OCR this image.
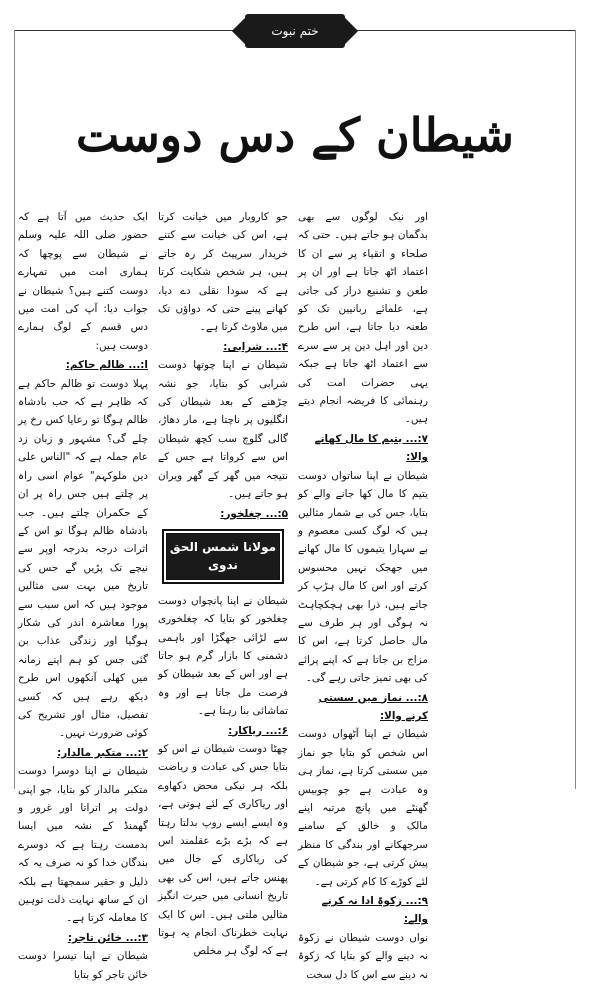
ختم نبوت
شیطان کے دس دوست

ایک حدیث میں آتا ہے کہ حضور صلی اللہ علیہ وسلم نے شیطان سے پوچھا کہ ہماری امت میں تمہارے دوست کتنے ہیں؟ شیطان نے جواب دیا: آپ کی امت میں دس قسم کے لوگ ہمارے دوست ہیں:

ا:... ظالم حاکم:

پہلا دوست تو ظالم حاکم ہے کہ ظاہر ہے کہ جب بادشاہ ظالم ہوگا تو رعایا کس رخ پر چلے گی؟ مشہور و زبان زد عام جملہ ہے کہ "الناس علی دین ملوکہم" عوام اسی راہ پر چلتے ہیں جس راہ پر ان کے حکمران چلتے ہیں۔ جب بادشاہ ظالم ہوگا تو اس کے اثرات درجہ بدرجہ اوپر سے نیچے تک پڑیں گے جس کی تاریخ میں بہت سی مثالیں موجود ہیں کہ اس سبب سے پورا معاشرہ اندر کی شکار ہوگیا اور زندگی عذاب بن گئی جس کو ہم اپنے زمانہ میں کھلی آنکھوں اس طرح دیکھ رہے ہیں کہ کسی تفصیل، مثال اور تشریح کی کوئی ضرورت نہیں۔

۲:... متکبر مالدار:

شیطان نے اپنا دوسرا دوست متکبر مالدار کو بتایا، جو اپنی دولت پر اتراتا اور غرور و گھمنڈ کے نشہ میں ایسا بدمست رہتا ہے کہ دوسرے بندگان خدا کو نہ صرف یہ کہ ذلیل و حقیر سمجھتا ہے بلکہ ان کے ساتھ نہایت ذلت توہین کا معاملہ کرتا ہے۔

۳:... خائن تاجر:

شیطان نے اپنا تیسرا دوست خائن تاجر کو بتایا

جو کاروبار میں خیانت کرتا ہے، اس کی خیانت سے کتنے خریدار سرپیٹ کر رہ جاتے ہیں، ہر شخص شکایت کرتا ہے کہ سودا نقلی دے دیا، کھانے پینے حتی کہ دواؤں تک میں ملاوٹ کرتا ہے۔

۴:... شرابی:

شیطان نے اپنا چوتھا دوست شرابی کو بتایا، جو نشہ چڑھنے کے بعد شیطان کی انگلیوں پر ناچتا ہے، مار دھاڑ، گالی گلوچ سب کچھ شیطان اس سے کرواتا ہے جس کے نتیجہ میں گھر کے گھر ویران ہو جاتے ہیں۔

۵:... چغلخور:
مولانا شمس الحق ندوی

شیطان نے اپنا پانچواں دوست چغلخور کو بتایا کہ چغلخوری سے لڑائی جھگڑا اور باہمی دشمنی کا بازار گرم ہو جاتا ہے اور اس کے بعد شیطان کو فرصت مل جاتا ہے اور وہ تماشائی بنا رہتا ہے۔

۶:... ریاکار:

چھٹا دوست شیطان نے اس کو بتایا جس کی عبادت و ریاضت بلکہ ہر نیکی محض دکھاوے اور ریاکاری کے لئے ہوتی ہے، وہ ایسے ایسے روپ بدلتا رہتا ہے کہ بڑے بڑے عقلمند اس کی ریاکاری کے جال میں پھنس جاتے ہیں، اس کی بھی تاریخ انسانی میں حیرت انگیز مثالیں ملتی ہیں۔ اس کا ایک نہایت خطرناک انجام یہ ہوتا ہے کہ لوگ ہر مخلص

اور نیک لوگوں سے بھی بدگمان ہو جاتے ہیں۔ حتی کہ صلحاء و اتقیاء پر سے ان کا اعتماد اٹھ جاتا ہے اور ان پر طعن و تشنیع دراز کی جاتی ہے، علمائے ربانیین تک کو طعنہ دیا جاتا ہے، اس طرح دین اور اہل دین پر سے سرے سے اعتماد اٹھ جاتا ہے جبکہ یہی حضرات امت کی رہنمائی کا فریضہ انجام دیتے ہیں۔

۷:... یتیم کا مال کھانے والا:

شیطان نے اپنا ساتواں دوست یتیم کا مال کھا جانے والے کو بتایا، جس کی بے شمار مثالیں ہیں کہ لوگ کسی معصوم و بے سہارا یتیموں کا مال کھانے میں جھجک نہیں محسوس کرتے اور اس کا مال ہڑپ کر جاتے ہیں، ذرا بھی ہچکچاہٹ نہ ہوگی اور ہر طرف سے مال حاصل کرتا ہے، اس کا مزاج بن جاتا ہے کہ اپنے پرائے کی بھی تمیز جاتی رہے گی۔

۸:... نماز میں سستی کرنے والا:

شیطان نے اپنا آٹھواں دوست اس شخص کو بتایا جو نماز میں سستی کرتا ہے، نماز ہی وہ عبادت ہے جو چوبیس گھنٹے میں پانچ مرتبہ اپنے مالک و خالق کے سامنے سرجھکانے اور بندگی کا منظر پیش کرتی ہے، جو شیطان کے لئے کوڑے کا کام کرتی ہے۔

۹:... زکوۃ ادا نہ کرنے والے:

نواں دوست شیطان نے زکوۃ نہ دینے والے کو بتایا کہ زکوۃ نہ دینے سے اس کا دل سخت
